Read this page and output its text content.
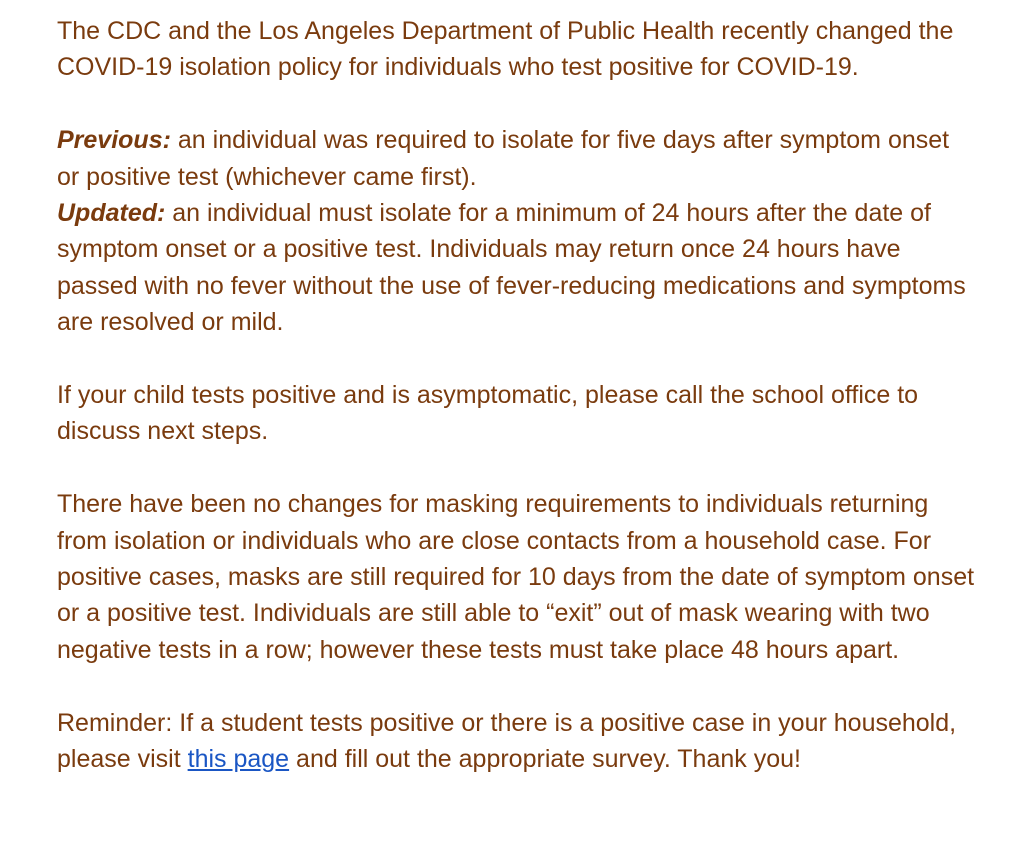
The CDC and the Los Angeles Department of Public Health recently changed the COVID-19 isolation policy for individuals who test positive for COVID-19.

Previous: an individual was required to isolate for five days after symptom onset or positive test (whichever came first).

Updated: an individual must isolate for a minimum of 24 hours after the date of symptom onset or a positive test. Individuals may return once 24 hours have passed with no fever without the use of fever-reducing medications and symptoms are resolved or mild.

If your child tests positive and is asymptomatic, please call the school office to discuss next steps.

There have been no changes for masking requirements to individuals returning from isolation or individuals who are close contacts from a household case. For positive cases, masks are still required for 10 days from the date of symptom onset or a positive test. Individuals are still able to “exit” out of mask wearing with two negative tests in a row; however these tests must take place 48 hours apart.

Reminder: If a student tests positive or there is a positive case in your household, please visit this page and fill out the appropriate survey. Thank you!
